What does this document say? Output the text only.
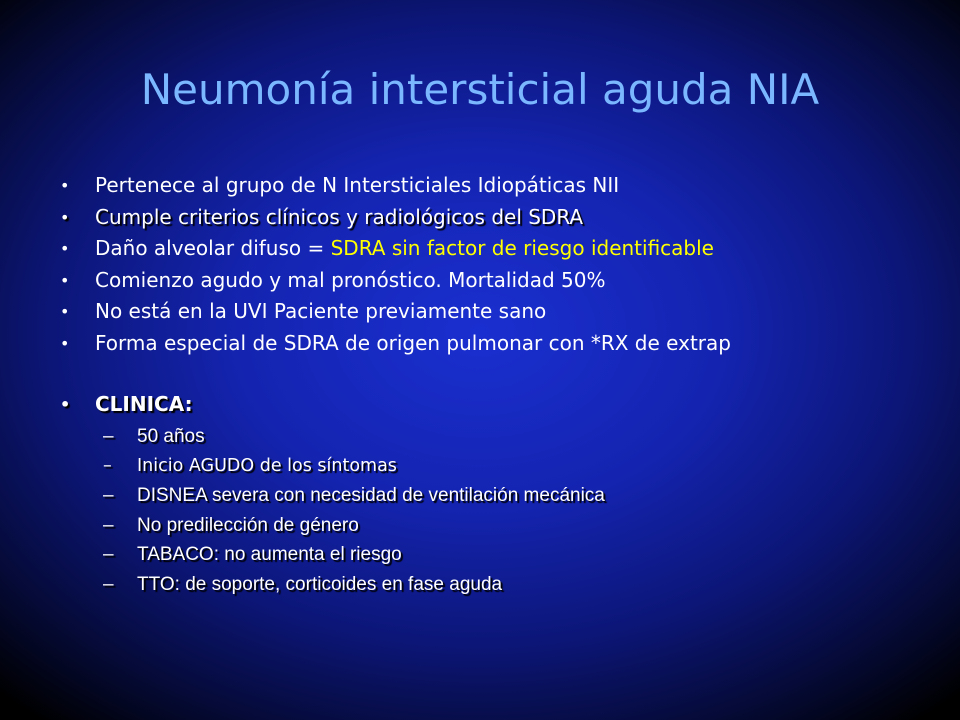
Neumonía intersticial aguda NIA
• Pertenece al grupo de N Intersticiales Idiopáticas NII
• Cumple criterios clínicos y radiológicos del SDRA
• Daño alveolar difuso = SDRA sin factor de riesgo identificable
• Comienzo agudo y mal pronóstico. Mortalidad 50%
• No está en la UVI Paciente previamente sano
• Forma especial de SDRA de origen pulmonar con *RX de extrap
• CLINICA:
– 50 años
– Inicio AGUDO de los síntomas
– DISNEA severa con necesidad de ventilación mecánica
– No predilección de género
– TABACO: no aumenta el riesgo
– TTO: de soporte, corticoides en fase aguda
